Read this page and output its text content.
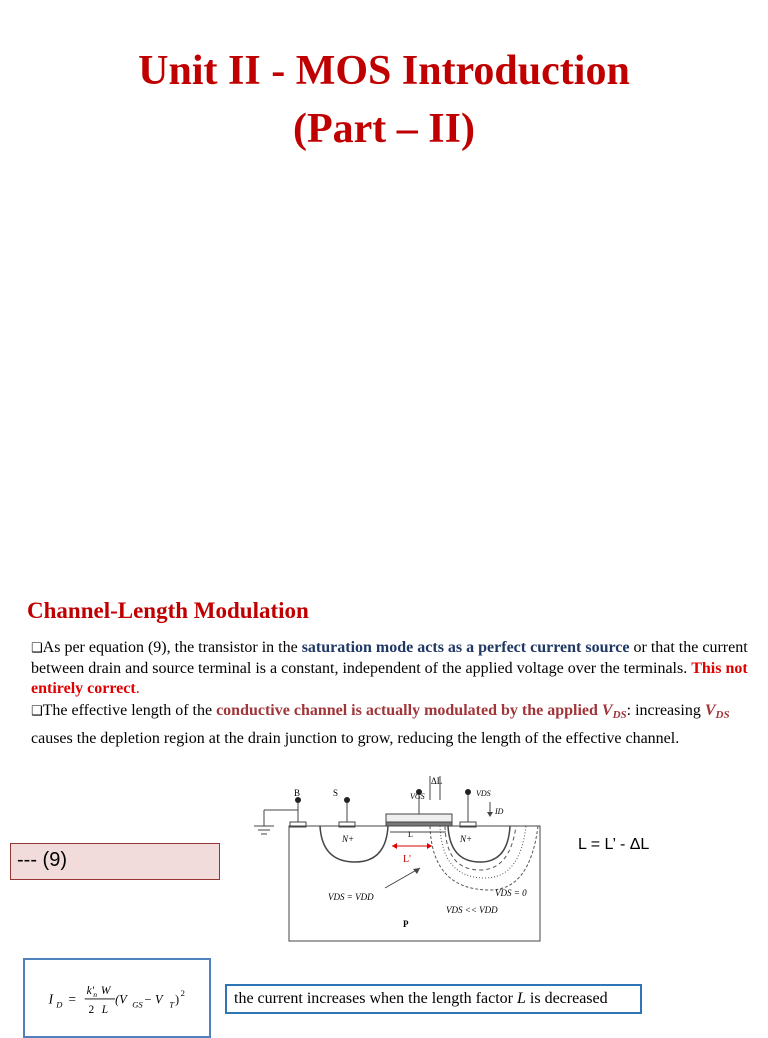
Unit II - MOS Introduction
(Part – II)
Channel-Length Modulation

❑As per equation (9), the transistor in the saturation mode acts as a perfect current source or that the current between drain and source terminal is a constant, independent of the applied voltage over the terminals. This not entirely correct.

❑The effective length of the conductive channel is actually modulated by the applied $V_{DS}$: increasing $V_{DS}$ causes the depletion region at the drain junction to grow, reducing the length of the effective channel.

B	S	VGS
ΔL
VDS
ID
N+	N+
L
L'
VDS = VDD	VDS = 0
VDS << VDD
P
--- (9)
L = L’ - ΔL
I D =
k' n W
2 L
(V GS − V T ) 2	the current increases when the length factor L is decreased
